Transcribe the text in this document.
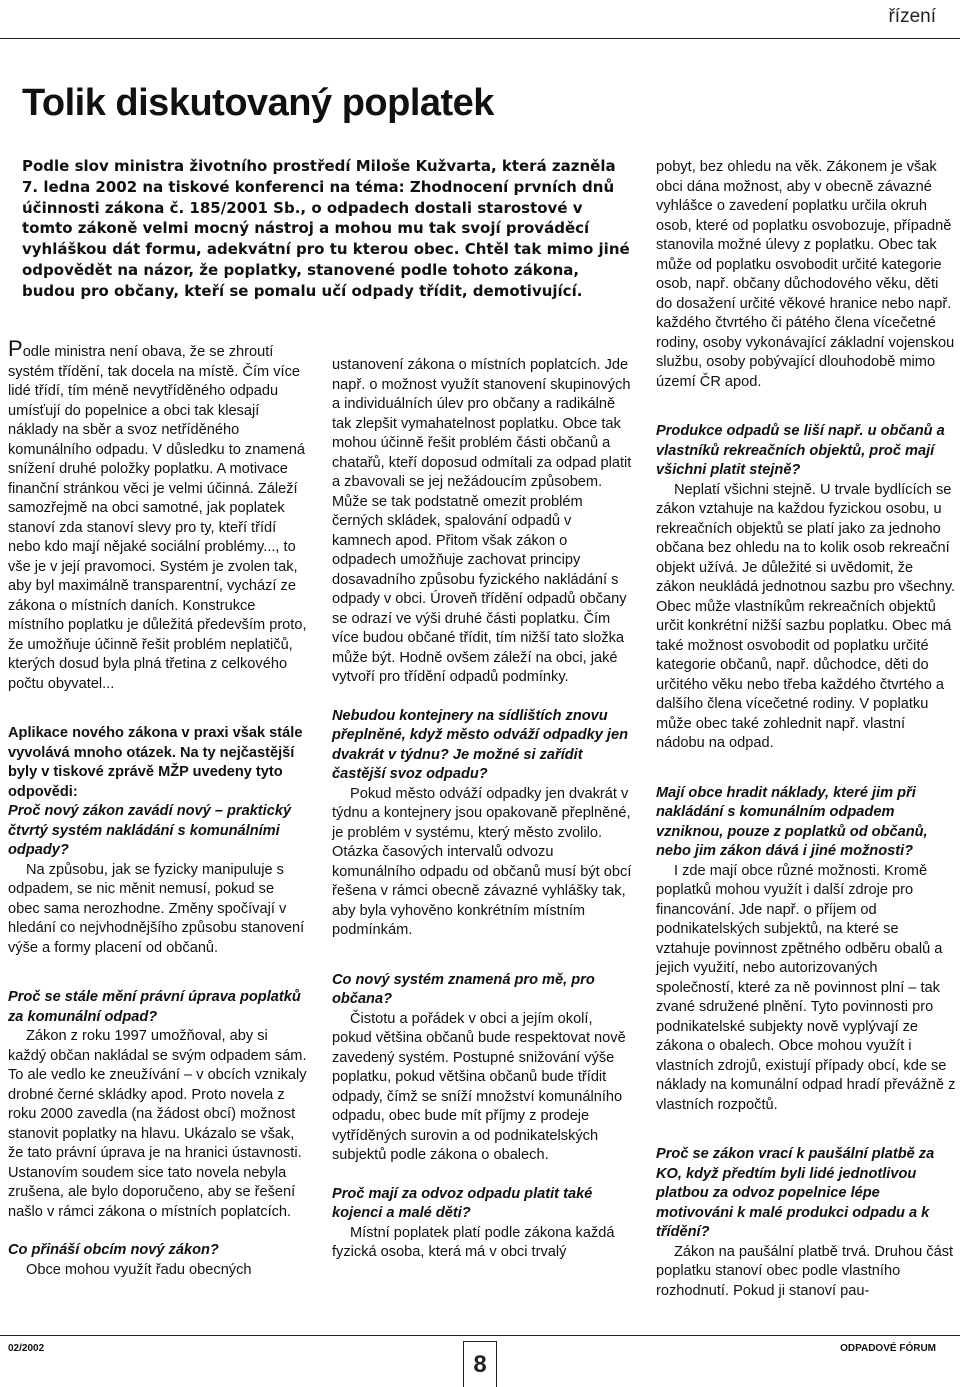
řízení
Tolik diskutovaný poplatek

Podle slov ministra životního prostředí Miloše Kužvarta, která zazněla 7. ledna 2002 na tiskové konferenci na téma: Zhodnocení prvních dnů účinnosti zákona č. 185/2001 Sb., o odpadech dostali starostové v tomto zákoně velmi mocný nástroj a mohou mu tak svojí prováděcí vyhláškou dát formu, adekvátní pro tu kterou obec. Chtěl tak mimo jiné odpovědět na názor, že poplatky, stanovené podle tohoto zákona, budou pro občany, kteří se pomalu učí odpady třídit, demotivující.

Podle ministra není obava, že se zhroutí systém třídění, tak docela na místě. Čím více lidé třídí, tím méně nevytříděného odpadu umísťují do popelnice a obci tak klesají náklady na sběr a svoz netříděného komunálního odpadu. V důsledku to znamená snížení druhé položky poplatku. A motivace finanční stránkou věci je velmi účinná. Záleží samozřejmě na obci samotné, jak poplatek stanoví zda stanoví slevy pro ty, kteří třídí nebo kdo mají nějaké sociální problémy..., to vše je v její pravomoci. Systém je zvolen tak, aby byl maximálně transparentní, vychází ze zákona o místních daních. Konstrukce místního poplatku je důležitá především proto, že umožňuje účinně řešit problém neplatičů, kterých dosud byla plná třetina z celkového počtu obyvatel...

Aplikace nového zákona v praxi však stále vyvolává mnoho otázek. Na ty nejčastější byly v tiskové zprávě MŽP uvedeny tyto odpovědi:

Proč nový zákon zavádí nový – praktický čtvrtý systém nakládání s komunálními odpady?

Na způsobu, jak se fyzicky manipuluje s odpadem, se nic měnit nemusí, pokud se obec sama nerozhodne. Změny spočívají v hledání co nejvhodnějšího způsobu stanovení výše a formy placení od občanů.

Proč se stále mění právní úprava poplatků za komunální odpad?

Zákon z roku 1997 umožňoval, aby si každý občan nakládal se svým odpadem sám. To ale vedlo ke zneužívání – v obcích vznikaly drobné černé skládky apod. Proto novela z roku 2000 zavedla (na žádost obcí) možnost stanovit poplatky na hlavu. Ukázalo se však, že tato právní úprava je na hranici ústavnosti. Ustanovím soudem sice tato novela nebyla zrušena, ale bylo doporučeno, aby se řešení našlo v rámci zákona o místních poplatcích.

Co přináší obcím nový zákon?

Obce mohou využít řadu obecných

ustanovení zákona o místních poplatcích. Jde např. o možnost využít stanovení skupinových a individuálních úlev pro občany a radikálně tak zlepšit vymahatelnost poplatku. Obce tak mohou účinně řešit problém části občanů a chatařů, kteří doposud odmítali za odpad platit a zbavovali se jej nežádoucím způsobem. Může se tak podstatně omezit problém černých skládek, spalování odpadů v kamnech apod. Přitom však zákon o odpadech umožňuje zachovat principy dosavadního způsobu fyzického nakládání s odpady v obci. Úroveň třídění odpadů občany se odrazí ve výši druhé části poplatku. Čím více budou občané třídit, tím nižší tato složka může být. Hodně ovšem záleží na obci, jaké vytvoří pro třídění odpadů podmínky.

Nebudou kontejnery na sídlištích znovu přeplněné, když město odváží odpadky jen dvakrát v týdnu? Je možné si zařídit častější svoz odpadu?

Pokud město odváží odpadky jen dvakrát v týdnu a kontejnery jsou opakovaně přeplněné, je problém v systému, který město zvolilo. Otázka časových intervalů odvozu komunálního odpadu od občanů musí být obcí řešena v rámci obecně závazné vyhlášky tak, aby byla vyhověno konkrétním místním podmínkám.

Co nový systém znamená pro mě, pro občana?

Čistotu a pořádek v obci a jejím okolí, pokud většina občanů bude respektovat nově zavedený systém. Postupné snižování výše poplatku, pokud většina občanů bude třídit odpady, čímž se sníží množství komunálního odpadu, obec bude mít příjmy z prodeje vytříděných surovin a od podnikatelských subjektů podle zákona o obalech.

Proč mají za odvoz odpadu platit také kojenci a malé děti?

Místní poplatek platí podle zákona každá fyzická osoba, která má v obci trvalý

pobyt, bez ohledu na věk. Zákonem je však obci dána možnost, aby v obecně závazné vyhlášce o zavedení poplatku určila okruh osob, které od poplatku osvobozuje, případně stanovila možné úlevy z poplatku. Obec tak může od poplatku osvobodit určité kategorie osob, např. občany důchodového věku, děti do dosažení určité věkové hranice nebo např. každého čtvrtého či pátého člena vícečetné rodiny, osoby vykonávající základní vojenskou službu, osoby pobývající dlouhodobě mimo území ČR apod.

Produkce odpadů se liší např. u občanů a vlastníků rekreačních objektů, proč mají všichni platit stejně?

Neplatí všichni stejně. U trvale bydlících se zákon vztahuje na každou fyzickou osobu, u rekreačních objektů se platí jako za jednoho občana bez ohledu na to kolik osob rekreační objekt užívá. Je důležité si uvědomit, že zákon neukládá jednotnou sazbu pro všechny. Obec může vlastníkům rekreačních objektů určit konkrétní nižší sazbu poplatku. Obec má také možnost osvobodit od poplatku určité kategorie občanů, např. důchodce, děti do určitého věku nebo třeba každého čtvrtého a dalšího člena vícečetné rodiny. V poplatku může obec také zohlednit např. vlastní nádobu na odpad.

Mají obce hradit náklady, které jim při nakládání s komunálním odpadem vzniknou, pouze z poplatků od občanů, nebo jim zákon dává i jiné možnosti?

I zde mají obce různé možnosti. Kromě poplatků mohou využít i další zdroje pro financování. Jde např. o příjem od podnikatelských subjektů, na které se vztahuje povinnost zpětného odběru obalů a jejich využití, nebo autorizovaných společností, které za ně povinnost plní – tak zvané sdružené plnění. Tyto povinnosti pro podnikatelské subjekty nově vyplývají ze zákona o obalech. Obce mohou využít i vlastních zdrojů, existují případy obcí, kde se náklady na komunální odpad hradí převážně z vlastních rozpočtů.

Proč se zákon vrací k paušální platbě za KO, když předtím byli lidé jednotlivou platbou za odvoz popelnice lépe motivováni k malé produkci odpadu a k třídění?

Zákon na paušální platbě trvá. Druhou část poplatku stanoví obec podle vlastního rozhodnutí. Pokud ji stanoví pau-

02/2002
8
ODPADOVÉ FÓRUM
